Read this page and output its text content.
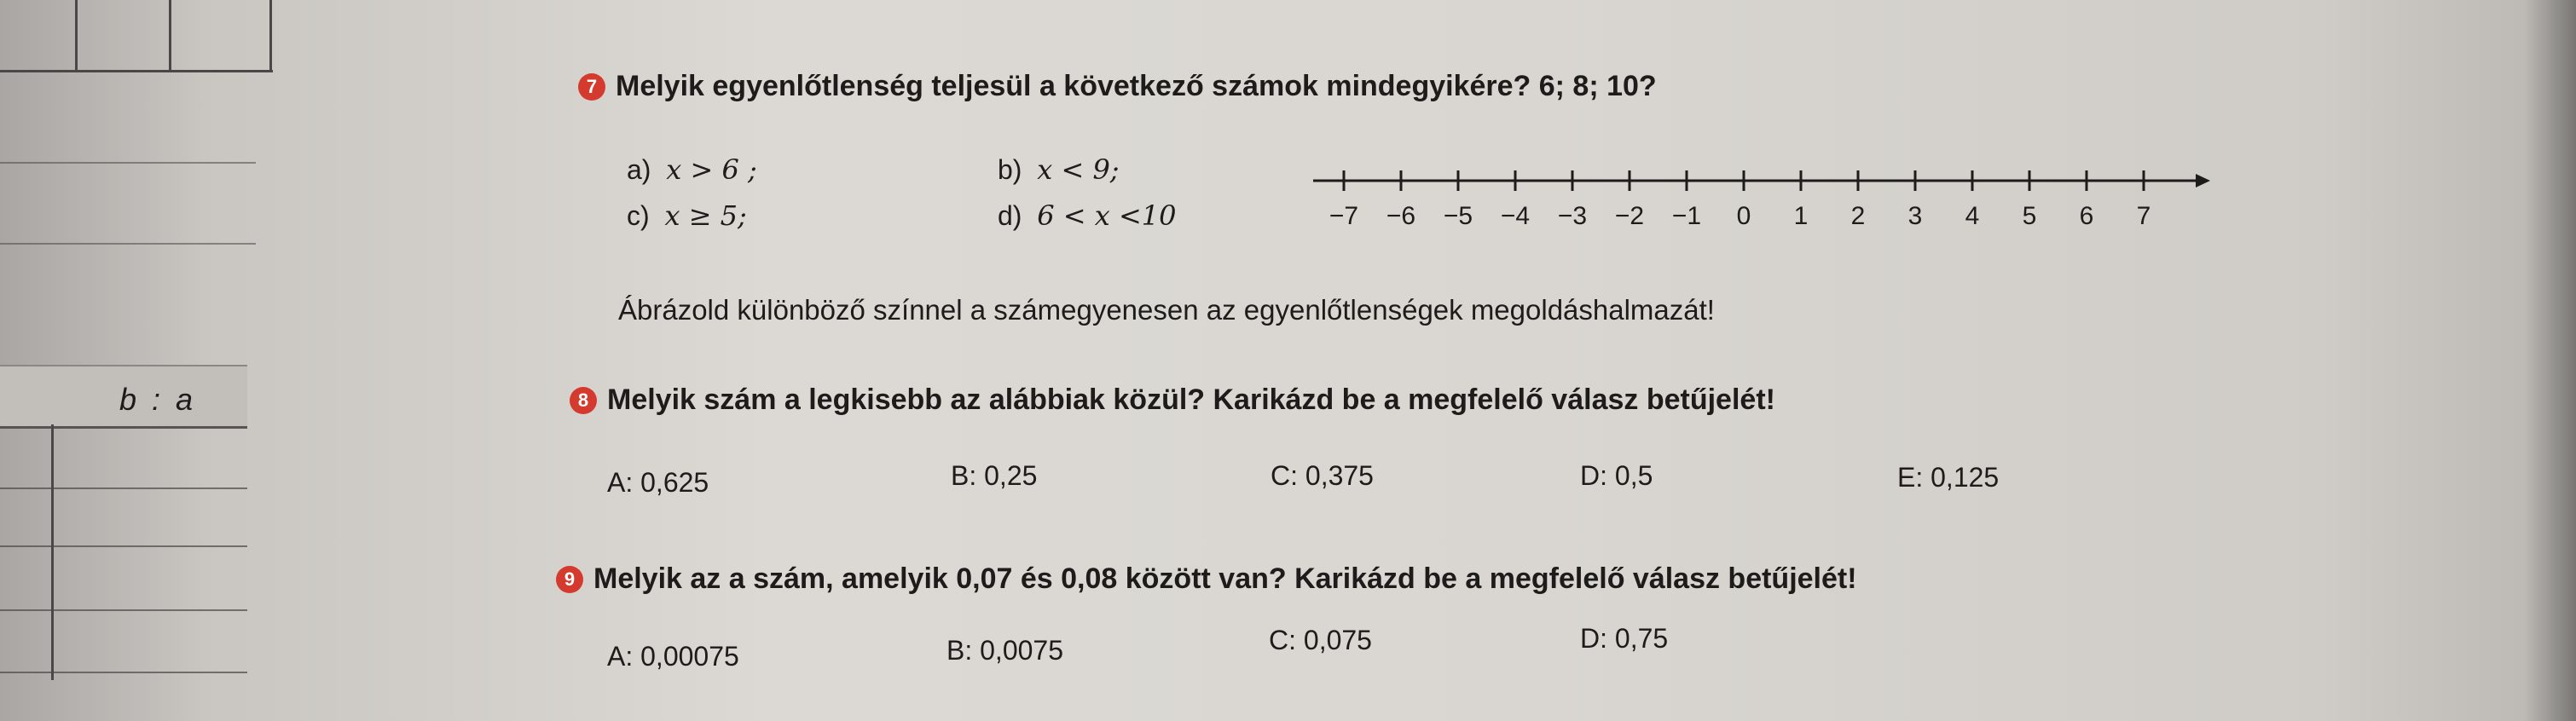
b : a
7 Melyik egyenlőtlenség teljesül a következő számok mindegyikére? 6; 8; 10?
a) x > 6 ;	b) x < 9;
c) x ≥ 5;	d) 6 < x <10	−7 −6 −5 −4 −3 −2 −1 0 1 2 3 4 5 6 7
Ábrázold különböző színnel a számegyenesen az egyenlőtlenségek megoldáshalmazát!
8 Melyik szám a legkisebb az alábbiak közül? Karikázd be a megfelelő válasz betűjelét!
A: 0,625	B: 0,25	C: 0,375	D: 0,5	E: 0,125
9 Melyik az a szám, amelyik 0,07 és 0,08 között van? Karikázd be a megfelelő válasz betűjelét!
A: 0,00075	B: 0,0075	C: 0,075	D: 0,75
